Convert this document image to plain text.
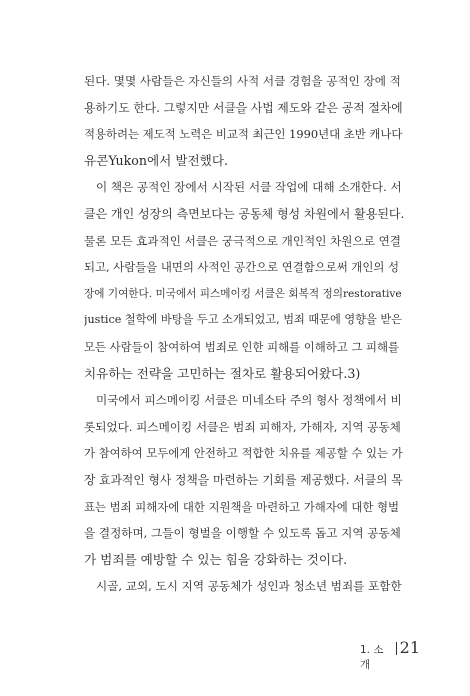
된다. 몇몇 사람들은 자신들의 사적 서클 경험을 공적인 장에 적
용하기도 한다. 그렇지만 서클을 사법 제도와 같은 공적 절차에
적용하려는 제도적 노력은 비교적 최근인 1990년대 초반 캐나다
유콘Yukon에서 발전했다.
이 책은 공적인 장에서 시작된 서클 작업에 대해 소개한다. 서
클은 개인 성장의 측면보다는 공동체 형성 차원에서 활용된다.
물론 모든 효과적인 서클은 궁극적으로 개인적인 차원으로 연결
되고, 사람들을 내면의 사적인 공간으로 연결함으로써 개인의 성
장에 기여한다. 미국에서 피스메이킹 서클은 회복적 정의restorative
justice 철학에 바탕을 두고 소개되었고, 범죄 때문에 영향을 받은
모든 사람들이 참여하여 범죄로 인한 피해를 이해하고 그 피해를
치유하는 전략을 고민하는 절차로 활용되어왔다.3)
미국에서 피스메이킹 서클은 미네소타 주의 형사 정책에서 비
롯되었다. 피스메이킹 서클은 범죄 피해자, 가해자, 지역 공동체
가 참여하여 모두에게 안전하고 적합한 치유를 제공할 수 있는 가
장 효과적인 형사 정책을 마련하는 기회를 제공했다. 서클의 목
표는 범죄 피해자에 대한 지원책을 마련하고 가해자에 대한 형벌
을 결정하며, 그들이 형벌을 이행할 수 있도록 돕고 지역 공동체
가 범죄를 예방할 수 있는 힘을 강화하는 것이다.
시골, 교외, 도시 지역 공동체가 성인과 청소년 범죄를 포함한
1. 소개
21
